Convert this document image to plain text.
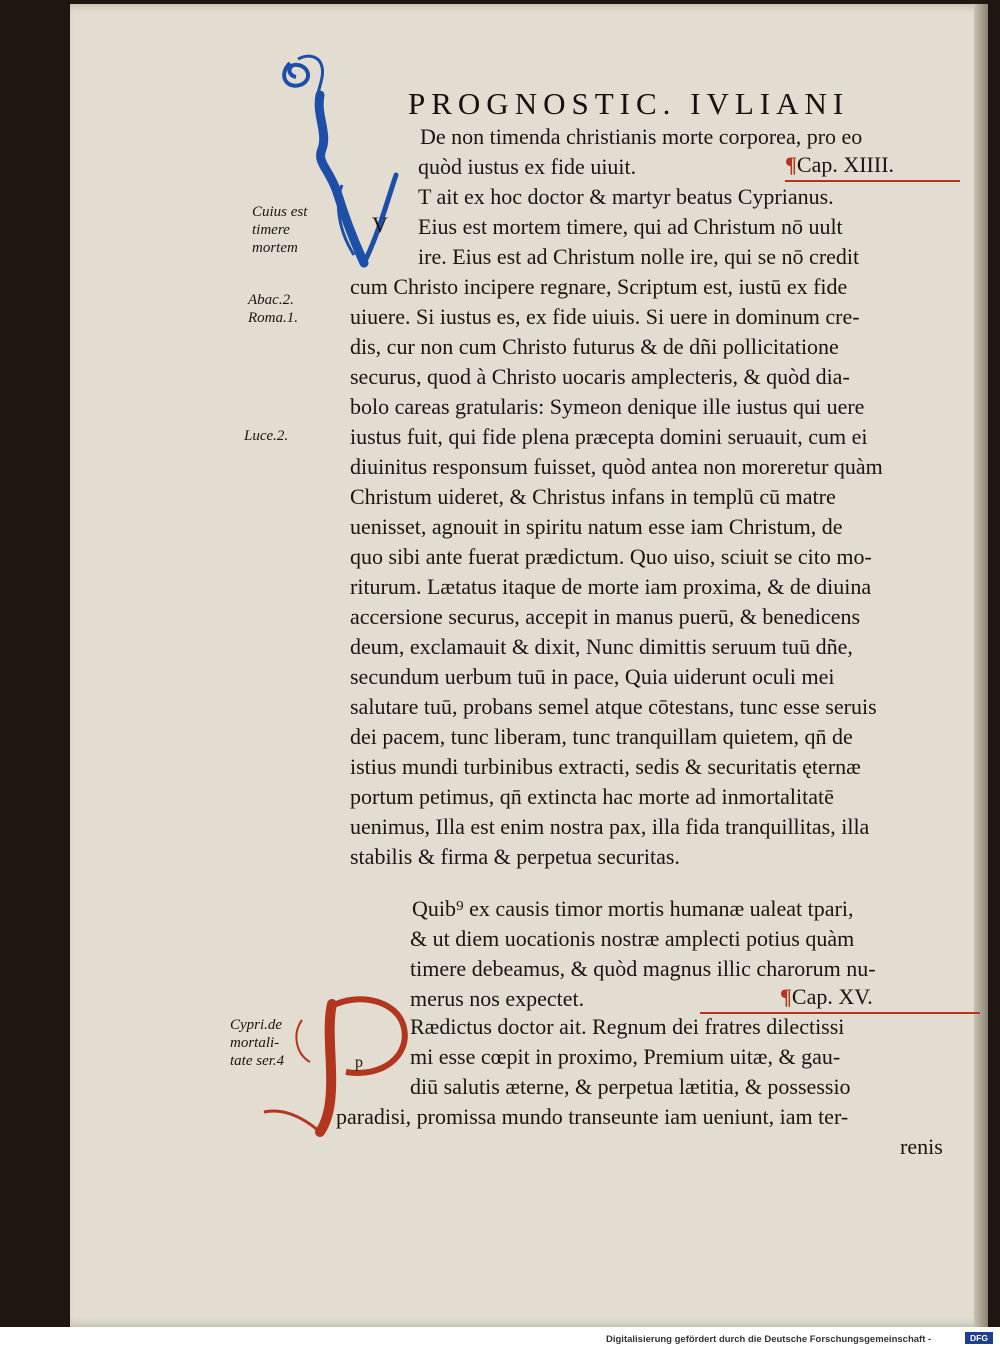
PROGNOSTIC. IVLIANI

V

p

De non timenda christianis morte corporea, pro eo

quòd iustus ex fide uiuit.	¶Cap. XIIII.

T ait ex hoc doctor & martyr beatus Cyprianus.

Eius est mortem timere, qui ad Christum nō uult

ire. Eius est ad Christum nolle ire, qui se nō credit

cum Christo incipere regnare, Scriptum est, iustū ex fide

uiuere. Si iustus es, ex fide uiuis. Si uere in dominum cre-

dis, cur non cum Christo futurus & de dñi pollicitatione

securus, quod à Christo uocaris amplecteris, & quòd dia-

bolo careas gratularis: Symeon denique ille iustus qui uere

iustus fuit, qui fide plena præcepta domini seruauit, cum ei

diuinitus responsum fuisset, quòd antea non moreretur quàm

Christum uideret, & Christus infans in templū cū matre

uenisset, agnouit in spiritu natum esse iam Christum, de

quo sibi ante fuerat prædictum. Quo uiso, sciuit se cito mo-

riturum. Lætatus itaque de morte iam proxima, & de diuina

accersione securus, accepit in manus puerū, & benedicens

deum, exclamauit & dixit, Nunc dimittis seruum tuū dñe,

secundum uerbum tuū in pace, Quia uiderunt oculi mei

salutare tuū, probans semel atque cōtestans, tunc esse seruis

dei pacem, tunc liberam, tunc tranquillam quietem, qn̄ de

istius mundi turbinibus extracti, sedis & securitatis ęternæ

portum petimus, qn̄ extincta hac morte ad inmortalitatē

uenimus, Illa est enim nostra pax, illa fida tranquillitas, illa

stabilis & firma & perpetua securitas.

Quib⁹ ex causis timor mortis humanæ ualeat tpari,

& ut diem uocationis nostræ amplecti potius quàm

timere debeamus, & quòd magnus illic charorum nu-

merus nos expectet.	¶Cap. XV.

Rædictus doctor ait. Regnum dei fratres dilectissi

mi esse cœpit in proximo, Premium uitæ, & gau-

diū salutis æterne, & perpetua lætitia, & possessio

paradisi, promissa mundo transeunte iam ueniunt, iam ter-

renis

Cuius est
timere
mortem

Abac.2.
Roma.1.

Luce.2.

Cypri.de
mortali-
tate ser.4

Digitalisierung gefördert durch die Deutsche Forschungsgemeinschaft -	DFG
